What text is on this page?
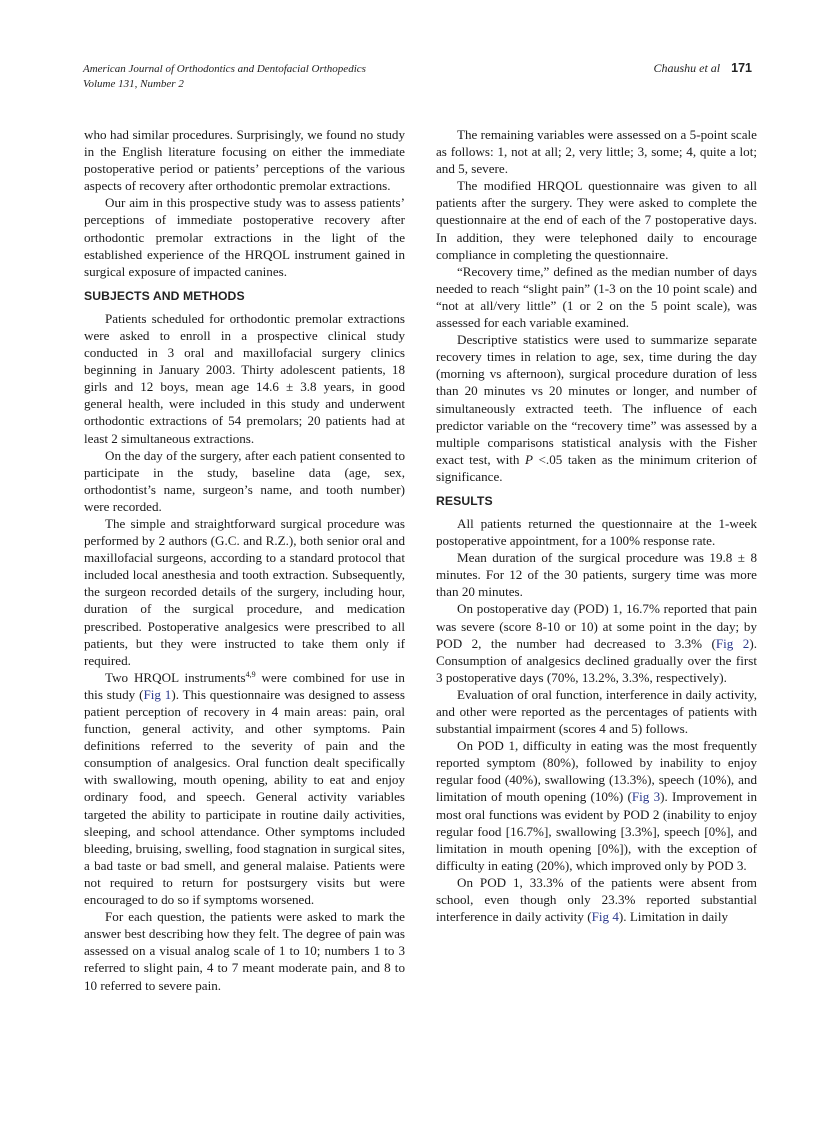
American Journal of Orthodontics and Dentofacial Orthopedics
Volume 131, Number 2
Chaushu et al 171

who had similar procedures. Surprisingly, we found no study in the English literature focusing on either the immediate postoperative period or patients’ perceptions of the various aspects of recovery after orthodontic premolar extractions.

Our aim in this prospective study was to assess patients’ perceptions of immediate postoperative recovery after orthodontic premolar extractions in the light of the established experience of the HRQOL instrument gained in surgical exposure of impacted canines.

SUBJECTS AND METHODS

Patients scheduled for orthodontic premolar extractions were asked to enroll in a prospective clinical study conducted in 3 oral and maxillofacial surgery clinics beginning in January 2003. Thirty adolescent patients, 18 girls and 12 boys, mean age 14.6 ± 3.8 years, in good general health, were included in this study and underwent orthodontic extractions of 54 premolars; 20 patients had at least 2 simultaneous extractions.

On the day of the surgery, after each patient consented to participate in the study, baseline data (age, sex, orthodontist’s name, surgeon’s name, and tooth number) were recorded.

The simple and straightforward surgical procedure was performed by 2 authors (G.C. and R.Z.), both senior oral and maxillofacial surgeons, according to a standard protocol that included local anesthesia and tooth extraction. Subsequently, the surgeon recorded details of the surgery, including hour, duration of the surgical procedure, and medication prescribed. Postoperative analgesics were prescribed to all patients, but they were instructed to take them only if required.

Two HRQOL instruments$^{4,9}$ were combined for use in this study (Fig 1). This questionnaire was designed to assess patient perception of recovery in 4 main areas: pain, oral function, general activity, and other symptoms. Pain definitions referred to the severity of pain and the consumption of analgesics. Oral function dealt specifically with swallowing, mouth opening, ability to eat and enjoy ordinary food, and speech. General activity variables targeted the ability to participate in routine daily activities, sleeping, and school attendance. Other symptoms included bleeding, bruising, swelling, food stagnation in surgical sites, a bad taste or bad smell, and general malaise. Patients were not required to return for postsurgery visits but were encouraged to do so if symptoms worsened.

For each question, the patients were asked to mark the answer best describing how they felt. The degree of pain was assessed on a visual analog scale of 1 to 10; numbers 1 to 3 referred to slight pain, 4 to 7 meant moderate pain, and 8 to 10 referred to severe pain.

The remaining variables were assessed on a 5-point scale as follows: 1, not at all; 2, very little; 3, some; 4, quite a lot; and 5, severe.

The modified HRQOL questionnaire was given to all patients after the surgery. They were asked to complete the questionnaire at the end of each of the 7 postoperative days. In addition, they were telephoned daily to encourage compliance in completing the questionnaire.

“Recovery time,” defined as the median number of days needed to reach “slight pain” (1-3 on the 10 point scale) and “not at all/very little” (1 or 2 on the 5 point scale), was assessed for each variable examined.

Descriptive statistics were used to summarize separate recovery times in relation to age, sex, time during the day (morning vs afternoon), surgical procedure duration of less than 20 minutes vs 20 minutes or longer, and number of simultaneously extracted teeth. The influence of each predictor variable on the “recovery time” was assessed by a multiple comparisons statistical analysis with the Fisher exact test, with P <.05 taken as the minimum criterion of significance.

RESULTS

All patients returned the questionnaire at the 1-week postoperative appointment, for a 100% response rate.

Mean duration of the surgical procedure was 19.8 ± 8 minutes. For 12 of the 30 patients, surgery time was more than 20 minutes.

On postoperative day (POD) 1, 16.7% reported that pain was severe (score 8-10 or 10) at some point in the day; by POD 2, the number had decreased to 3.3% (Fig 2). Consumption of analgesics declined gradually over the first 3 postoperative days (70%, 13.2%, 3.3%, respectively).

Evaluation of oral function, interference in daily activity, and other were reported as the percentages of patients with substantial impairment (scores 4 and 5) follows.

On POD 1, difficulty in eating was the most frequently reported symptom (80%), followed by inability to enjoy regular food (40%), swallowing (13.3%), speech (10%), and limitation of mouth opening (10%) (Fig 3). Improvement in most oral functions was evident by POD 2 (inability to enjoy regular food [16.7%], swallowing [3.3%], speech [0%], and limitation in mouth opening [0%]), with the exception of difficulty in eating (20%), which improved only by POD 3.

On POD 1, 33.3% of the patients were absent from school, even though only 23.3% reported substantial interference in daily activity (Fig 4). Limitation in daily
